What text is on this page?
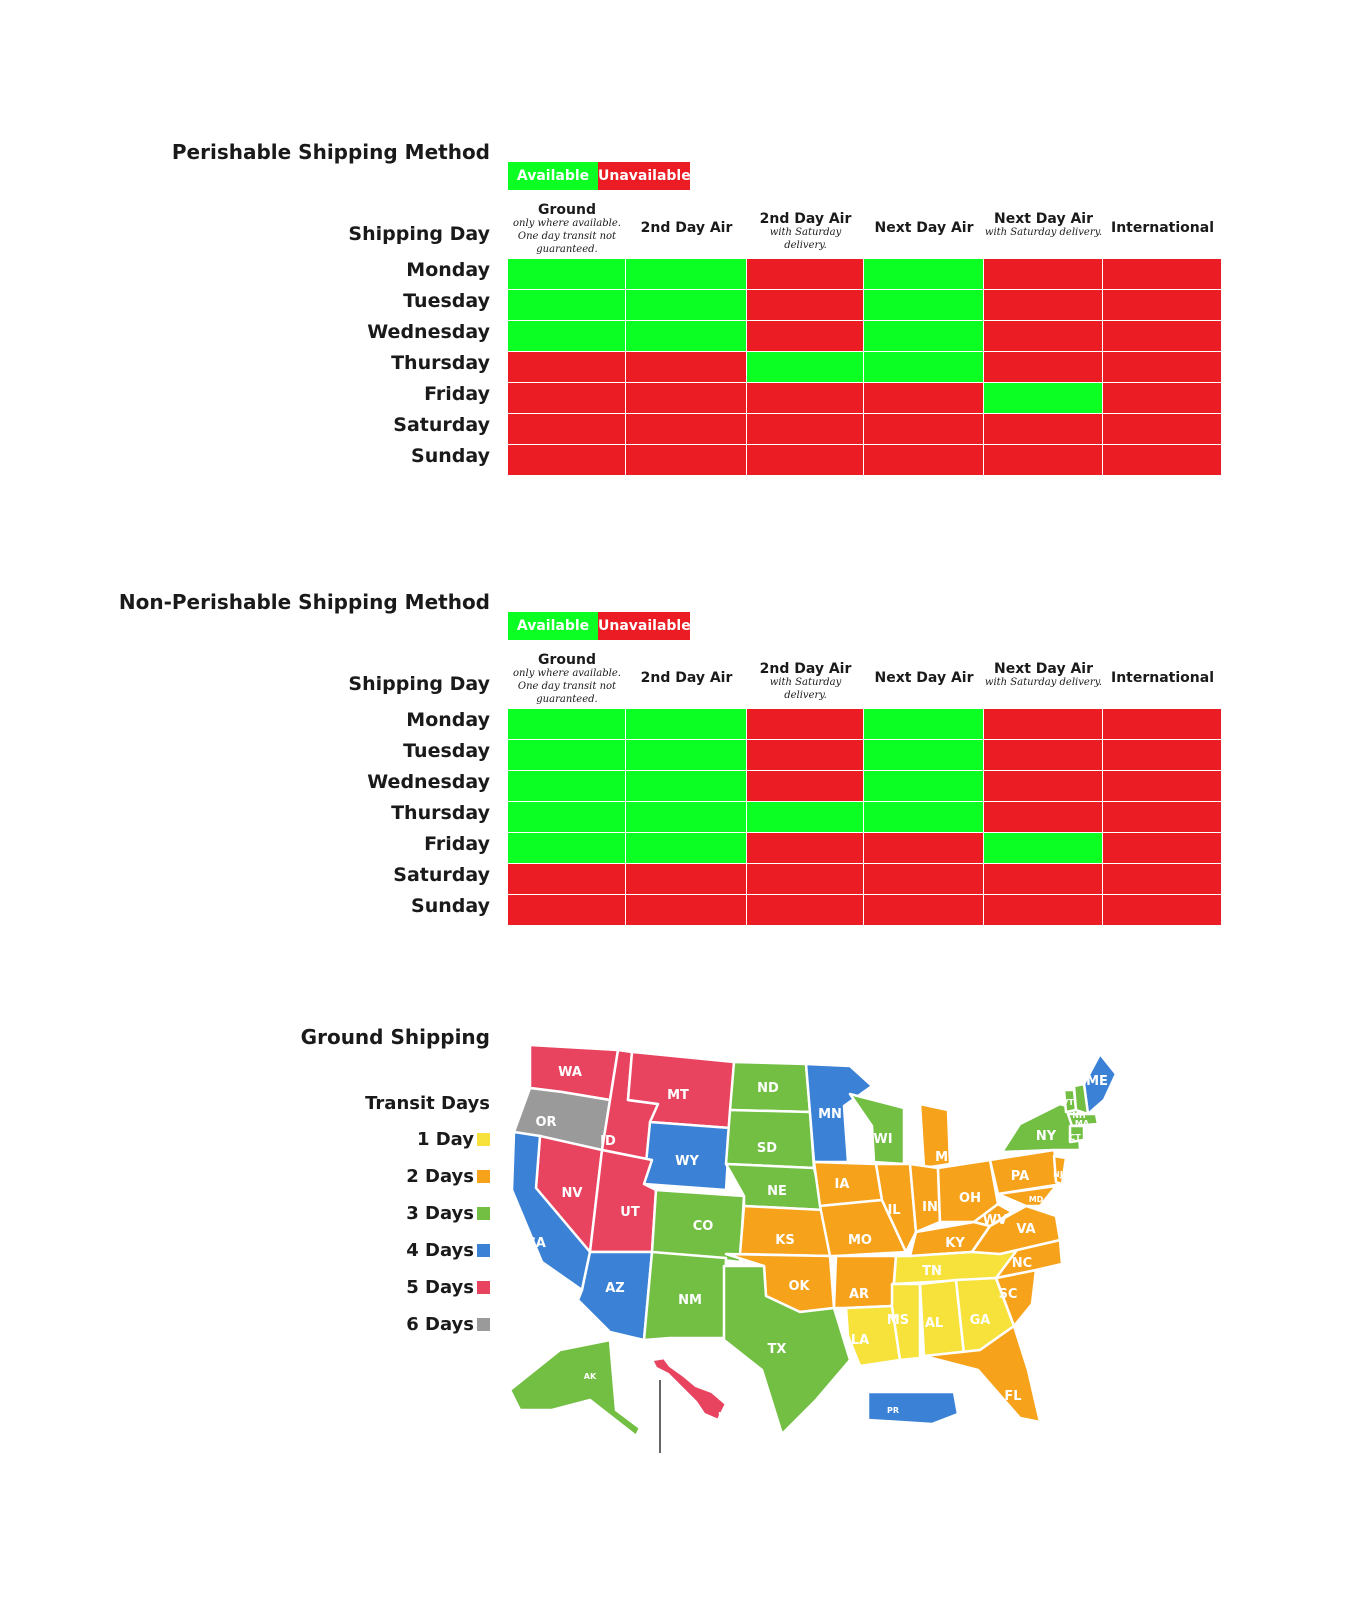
Perishable Shipping Method
Available Unavailable
Shipping Day
Ground
only where available. One day transit not guaranteed.
2nd Day Air
2nd Day Air
with Saturday delivery.
Next Day Air
Next Day Air
with Saturday delivery. International
Monday
Tuesday
Wednesday
Thursday
Friday
Saturday
Sunday
Non-Perishable Shipping Method
Available Unavailable
Shipping Day
Ground
only where available. One day transit not guaranteed.
2nd Day Air
2nd Day Air
with Saturday delivery.
Next Day Air
Next Day Air
with Saturday delivery. International
Monday
Tuesday
Wednesday
Thursday
Friday
Saturday
Sunday
Ground Shipping
Transit Days
1 Day
2 Days
3 Days
4 Days
5 Days
6 Days
WA
OR
ID
MT
WY
NV
UT
CA
AZ
CO
NM
ND
SD
NE
KS
OK
TX
MN
IA
MO
AR
LA
WI
IL
MI
IN
OH
KY
TN
MS AL GA
FL
SC
NC
VA
WV
PA
NY
ME
VT
NH
MA
CT
NJ
MD
AK
HI
PR
